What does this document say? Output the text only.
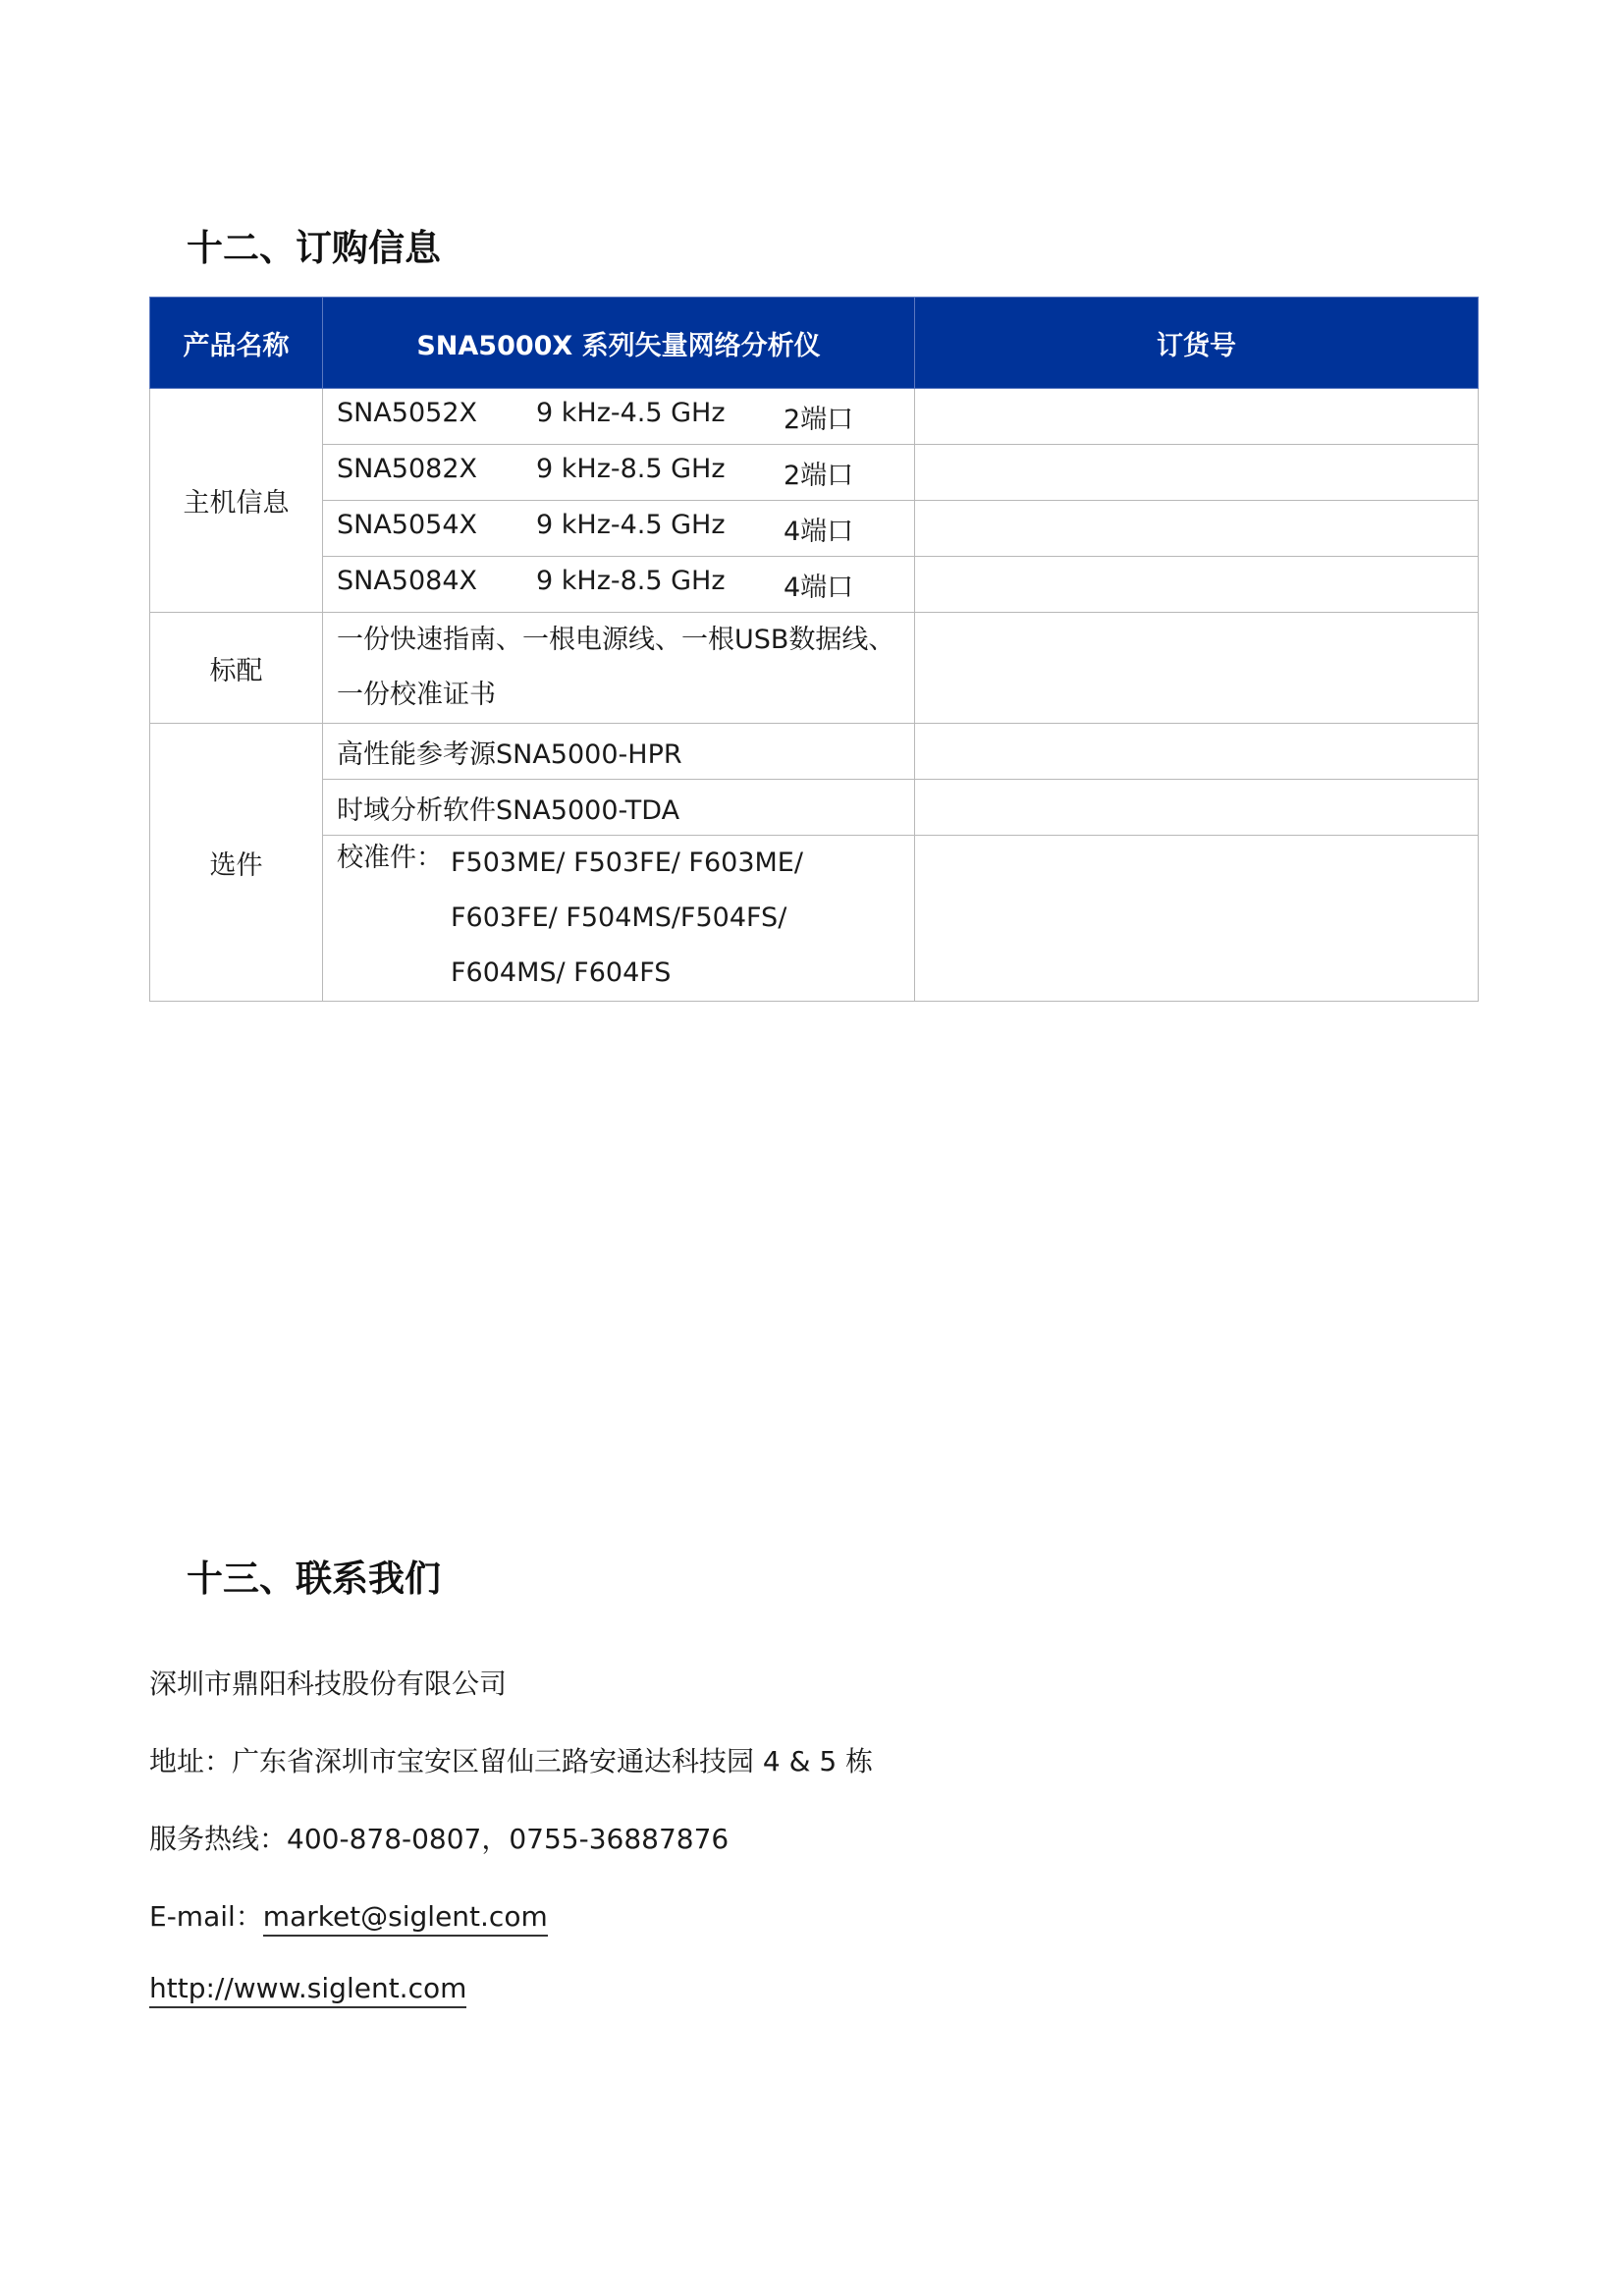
十二、订购信息
产品名称	SNA5000X 系列矢量网络分析仪	订货号
主机信息	SNA5052X 9 kHz-4.5 GHz 2端口	

	SNA5082X 9 kHz-8.5 GHz 2端口	

	SNA5054X 9 kHz-4.5 GHz 4端口	

	SNA5084X 9 kHz-8.5 GHz 4端口	

标配	一份快速指南、一根电源线、一根USB数据线、
一份校准证书	

选件	高性能参考源SNA5000-HPR	
	时域分析软件SNA5000-TDA	

	校准件： F503ME/ F503FE/ F603ME/
F603FE/ F504MS/F504FS/
F604MS/ F604FS	

十三、联系我们

深圳市鼎阳科技股份有限公司

地址：广东省深圳市宝安区留仙三路安通达科技园 4 & 5 栋

服务热线：400-878-0807，0755-36887876

E-mail：market@siglent.com

http://www.siglent.com
